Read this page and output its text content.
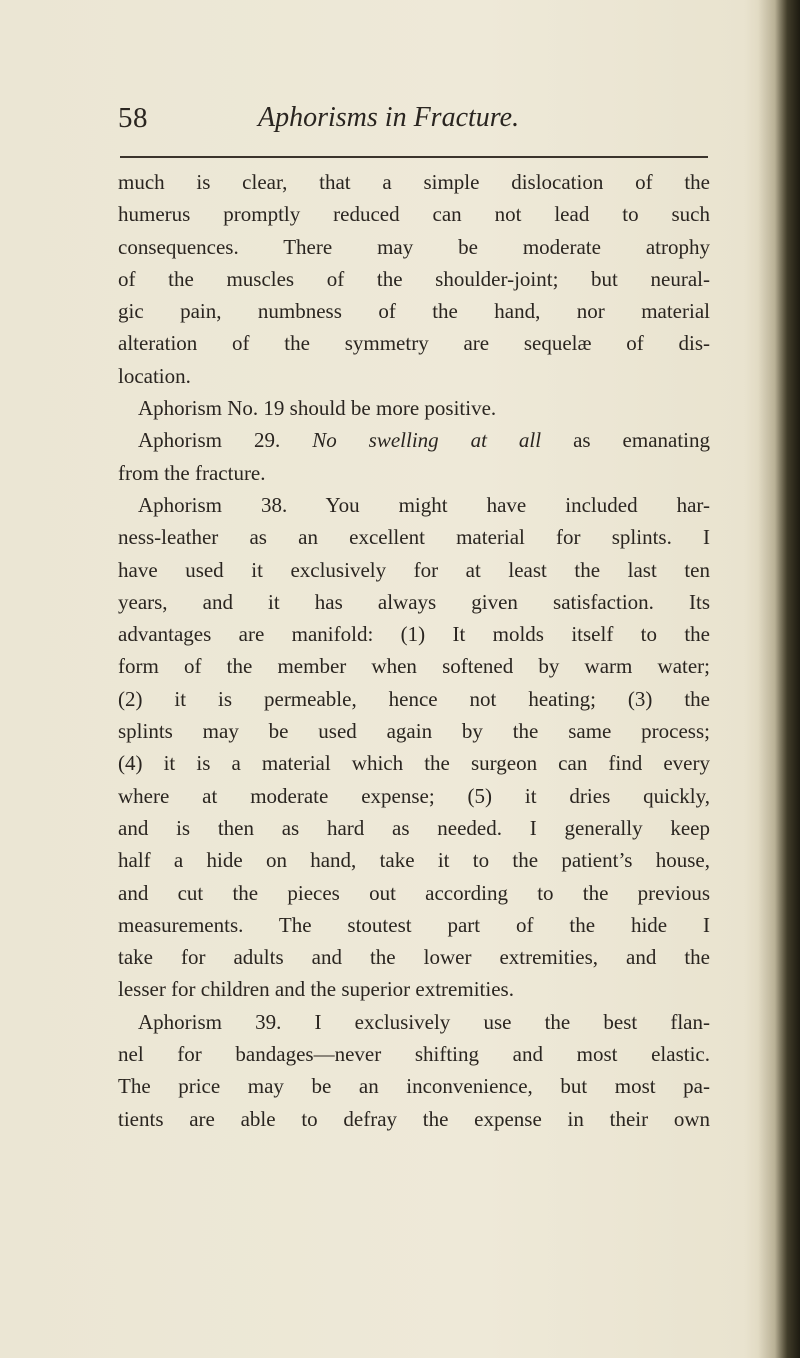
58	Aphorisms in Fracture.
much is clear, that a simple dislocation of the
humerus promptly reduced can not lead to such
consequences. There may be moderate atrophy
of the muscles of the shoulder-joint; but neural-
gic pain, numbness of the hand, nor material
alteration of the symmetry are sequelæ of dis-
location.
Aphorism No. 19 should be more positive.
Aphorism 29. No swelling at all as emanating
from the fracture.
Aphorism 38. You might have included har-
ness-leather as an excellent material for splints. I
have used it exclusively for at least the last ten
years, and it has always given satisfaction. Its
advantages are manifold: (1) It molds itself to the
form of the member when softened by warm water;
(2) it is permeable, hence not heating; (3) the
splints may be used again by the same process;
(4) it is a material which the surgeon can find every
where at moderate expense; (5) it dries quickly,
and is then as hard as needed. I generally keep
half a hide on hand, take it to the patient’s house,
and cut the pieces out according to the previous
measurements. The stoutest part of the hide I
take for adults and the lower extremities, and the
lesser for children and the superior extremities.
Aphorism 39. I exclusively use the best flan-
nel for bandages—never shifting and most elastic.
The price may be an inconvenience, but most pa-
tients are able to defray the expense in their own
